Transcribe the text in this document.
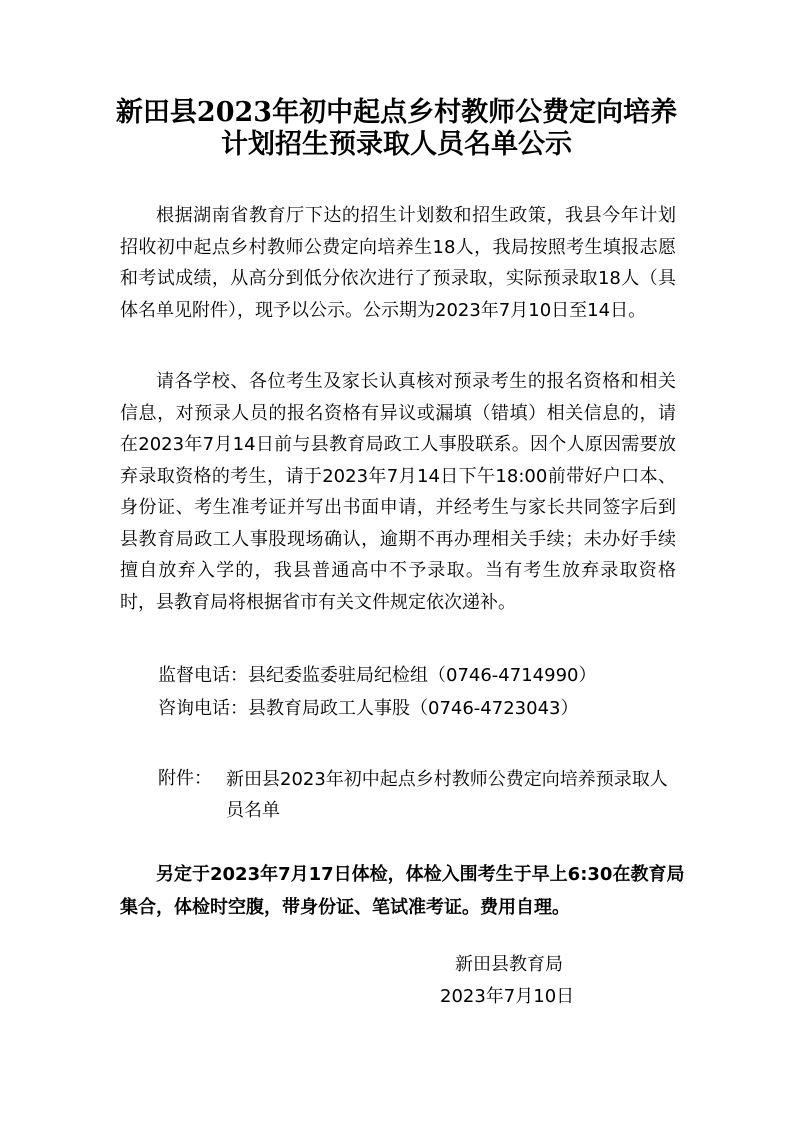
新田县2023年初中起点乡村教师公费定向培养
计划招生预录取人员名单公示
根据湖南省教育厅下达的招生计划数和招生政策，我县今年计划招收初中起点乡村教师公费定向培养生18人，我局按照考生填报志愿和考试成绩，从高分到低分依次进行了预录取，实际预录取18人（具体名单见附件），现予以公示。公示期为2023年7月10日至14日。
请各学校、各位考生及家长认真核对预录考生的报名资格和相关信息，对预录人员的报名资格有异议或漏填（错填）相关信息的，请在2023年7月14日前与县教育局政工人事股联系。因个人原因需要放弃录取资格的考生，请于2023年7月14日下午18:00前带好户口本、身份证、考生准考证并写出书面申请，并经考生与家长共同签字后到县教育局政工人事股现场确认，逾期不再办理相关手续；未办好手续擅自放弃入学的，我县普通高中不予录取。当有考生放弃录取资格时，县教育局将根据省市有关文件规定依次递补。
监督电话：县纪委监委驻局纪检组（0746-4714990）
咨询电话：县教育局政工人事股（0746-4723043）
附件： 新田县2023年初中起点乡村教师公费定向培养预录取人员名单
另定于2023年7月17日体检，体检入围考生于早上6:30在教育局集合，体检时空腹，带身份证、笔试准考证。费用自理。
新田县教育局
2023年7月10日
